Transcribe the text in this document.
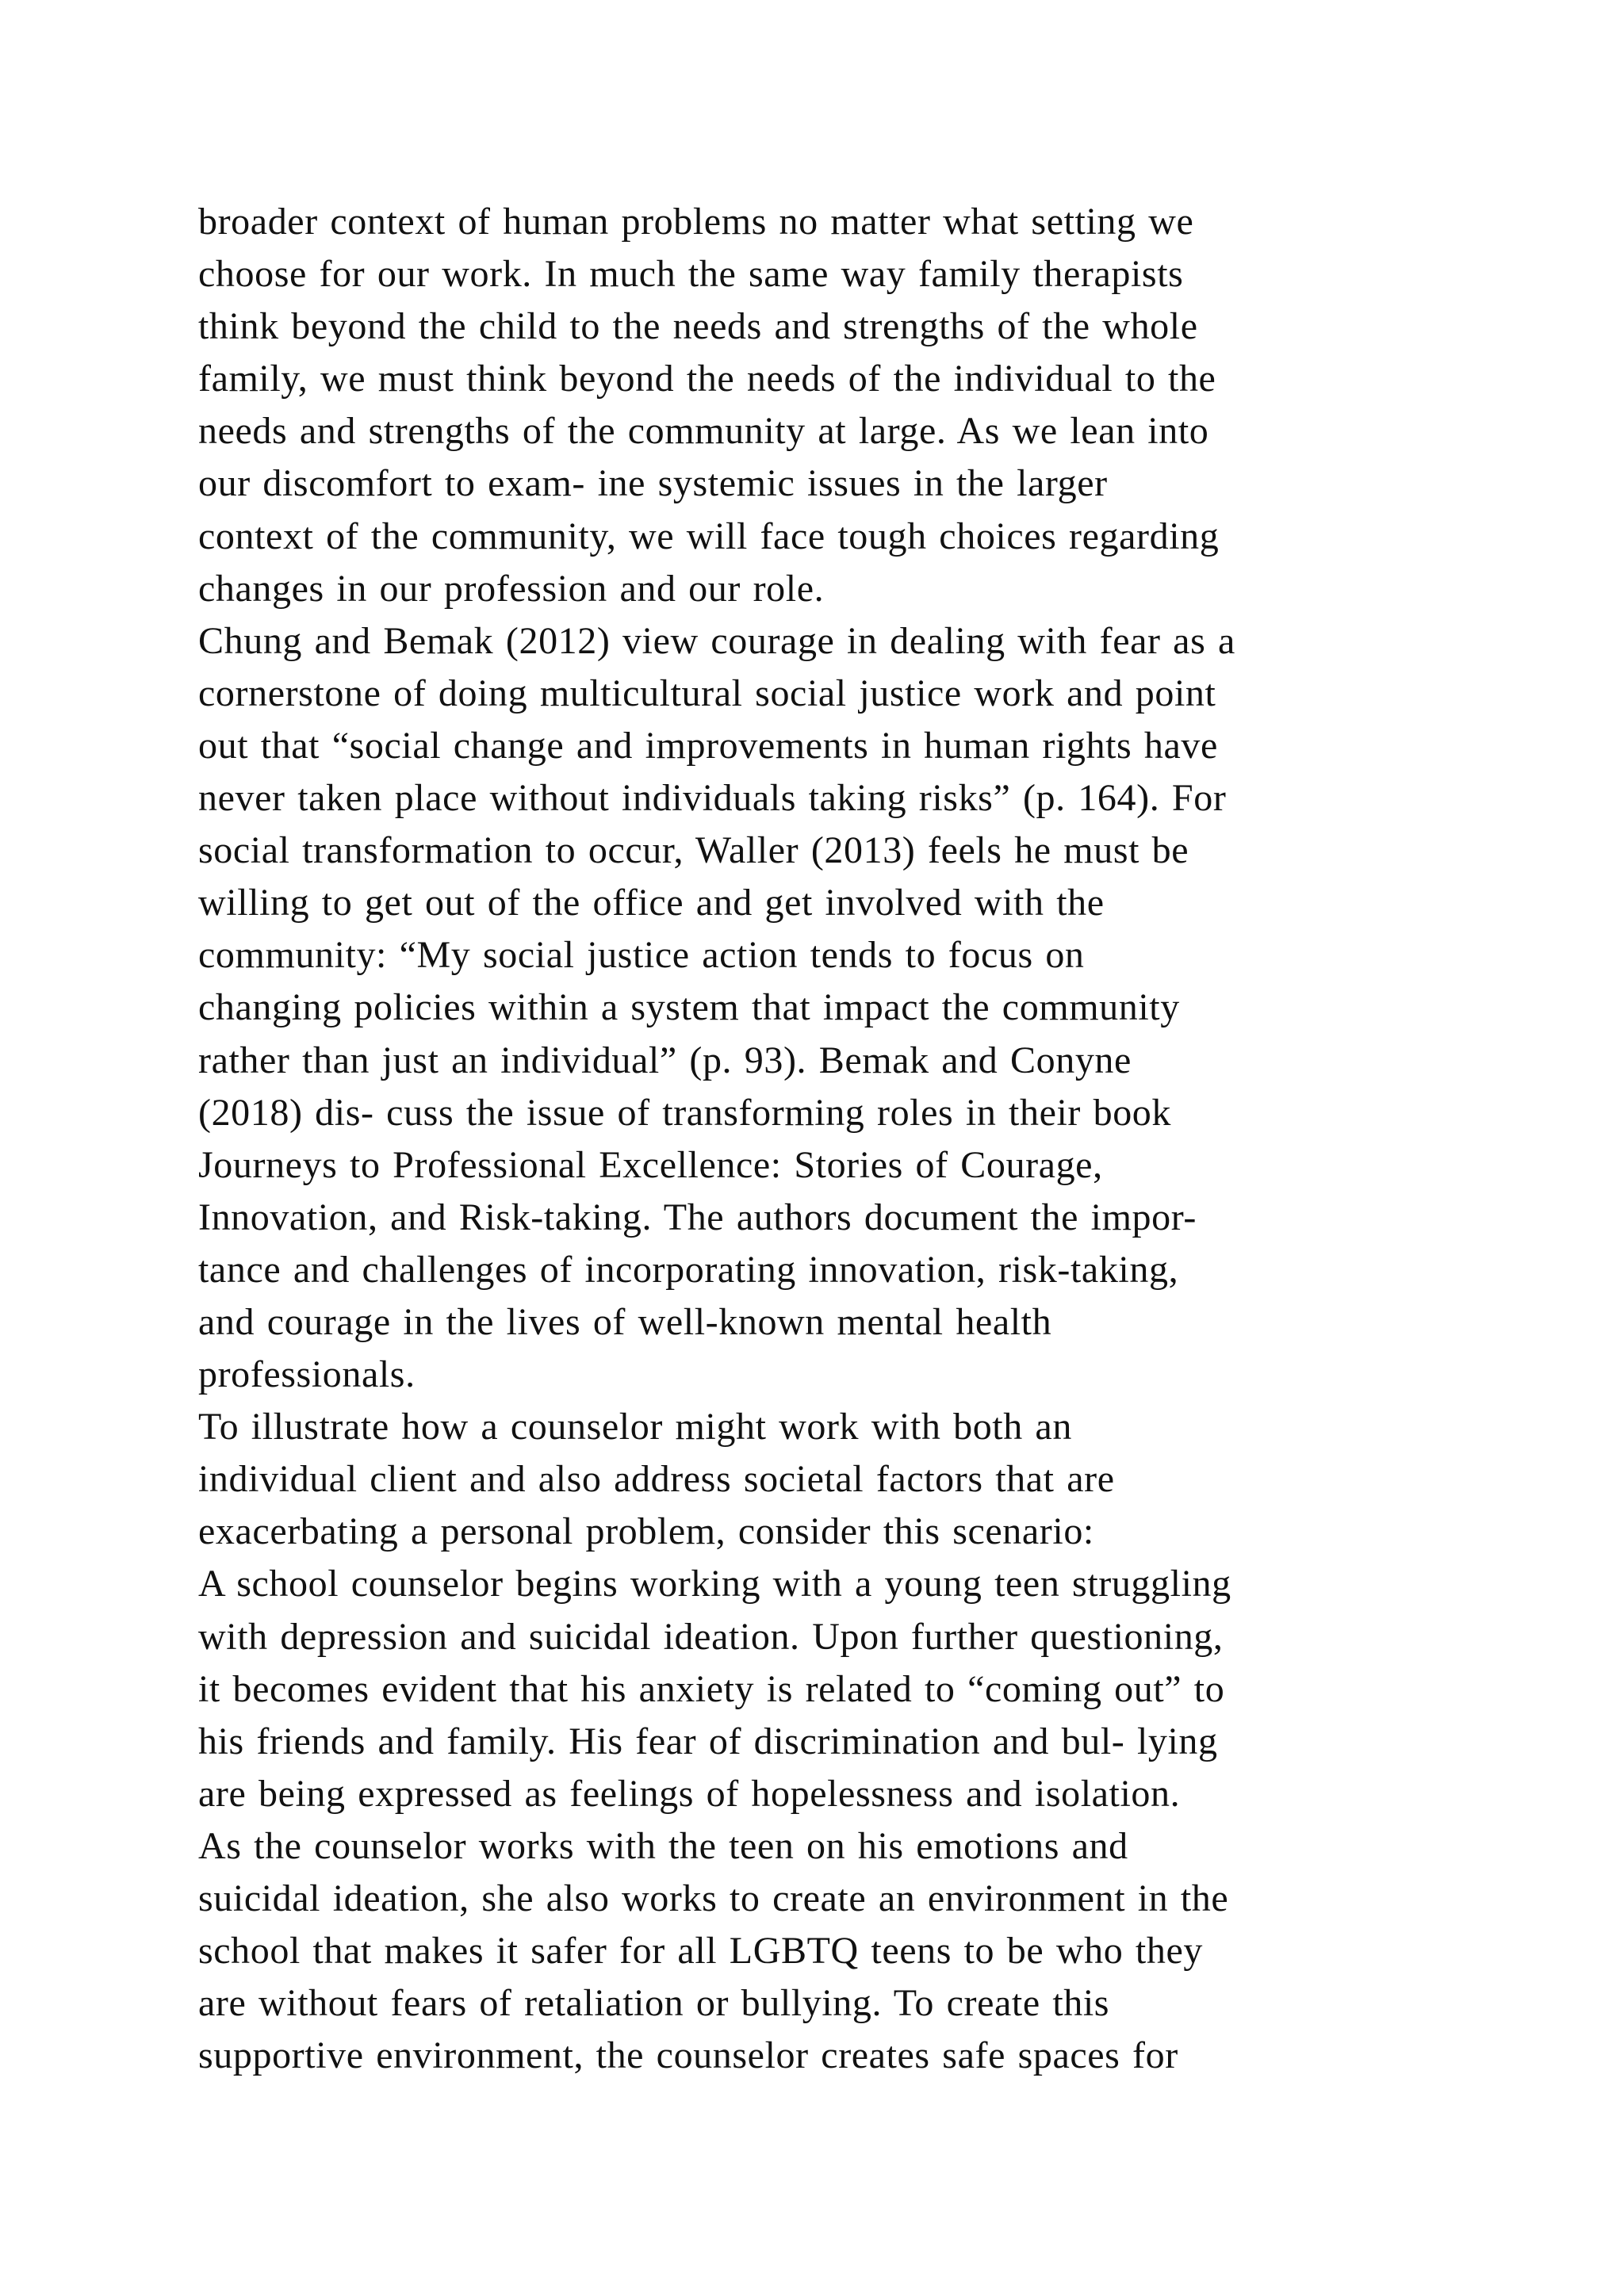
broader context of human problems no matter what setting we
choose for our work. In much the same way family therapists
think beyond the child to the needs and strengths of the whole
family, we must think beyond the needs of the individual to the
needs and strengths of the community at large. As we lean into
our discomfort to exam- ine systemic issues in the larger
context of the community, we will face tough choices regarding
changes in our profession and our role.
Chung and Bemak (2012) view courage in dealing with fear as a
cornerstone of doing multicultural social justice work and point
out that “social change and improvements in human rights have
never taken place without individuals taking risks” (p. 164). For
social transformation to occur, Waller (2013) feels he must be
willing to get out of the office and get involved with the
community: “My social justice action tends to focus on
changing policies within a system that impact the community
rather than just an individual” (p. 93). Bemak and Conyne
(2018) dis- cuss the issue of transforming roles in their book
Journeys to Professional Excellence: Stories of Courage,
Innovation, and Risk-taking. The authors document the impor-
tance and challenges of incorporating innovation, risk-taking,
and courage in the lives of well-known mental health
professionals.
To illustrate how a counselor might work with both an
individual client and also address societal factors that are
exacerbating a personal problem, consider this scenario:
A school counselor begins working with a young teen struggling
with depression and suicidal ideation. Upon further questioning,
it becomes evident that his anxiety is related to “coming out” to
his friends and family. His fear of discrimination and bul- lying
are being expressed as feelings of hopelessness and isolation.
As the counselor works with the teen on his emotions and
suicidal ideation, she also works to create an environment in the
school that makes it safer for all LGBTQ teens to be who they
are without fears of retaliation or bullying. To create this
supportive environment, the counselor creates safe spaces for
